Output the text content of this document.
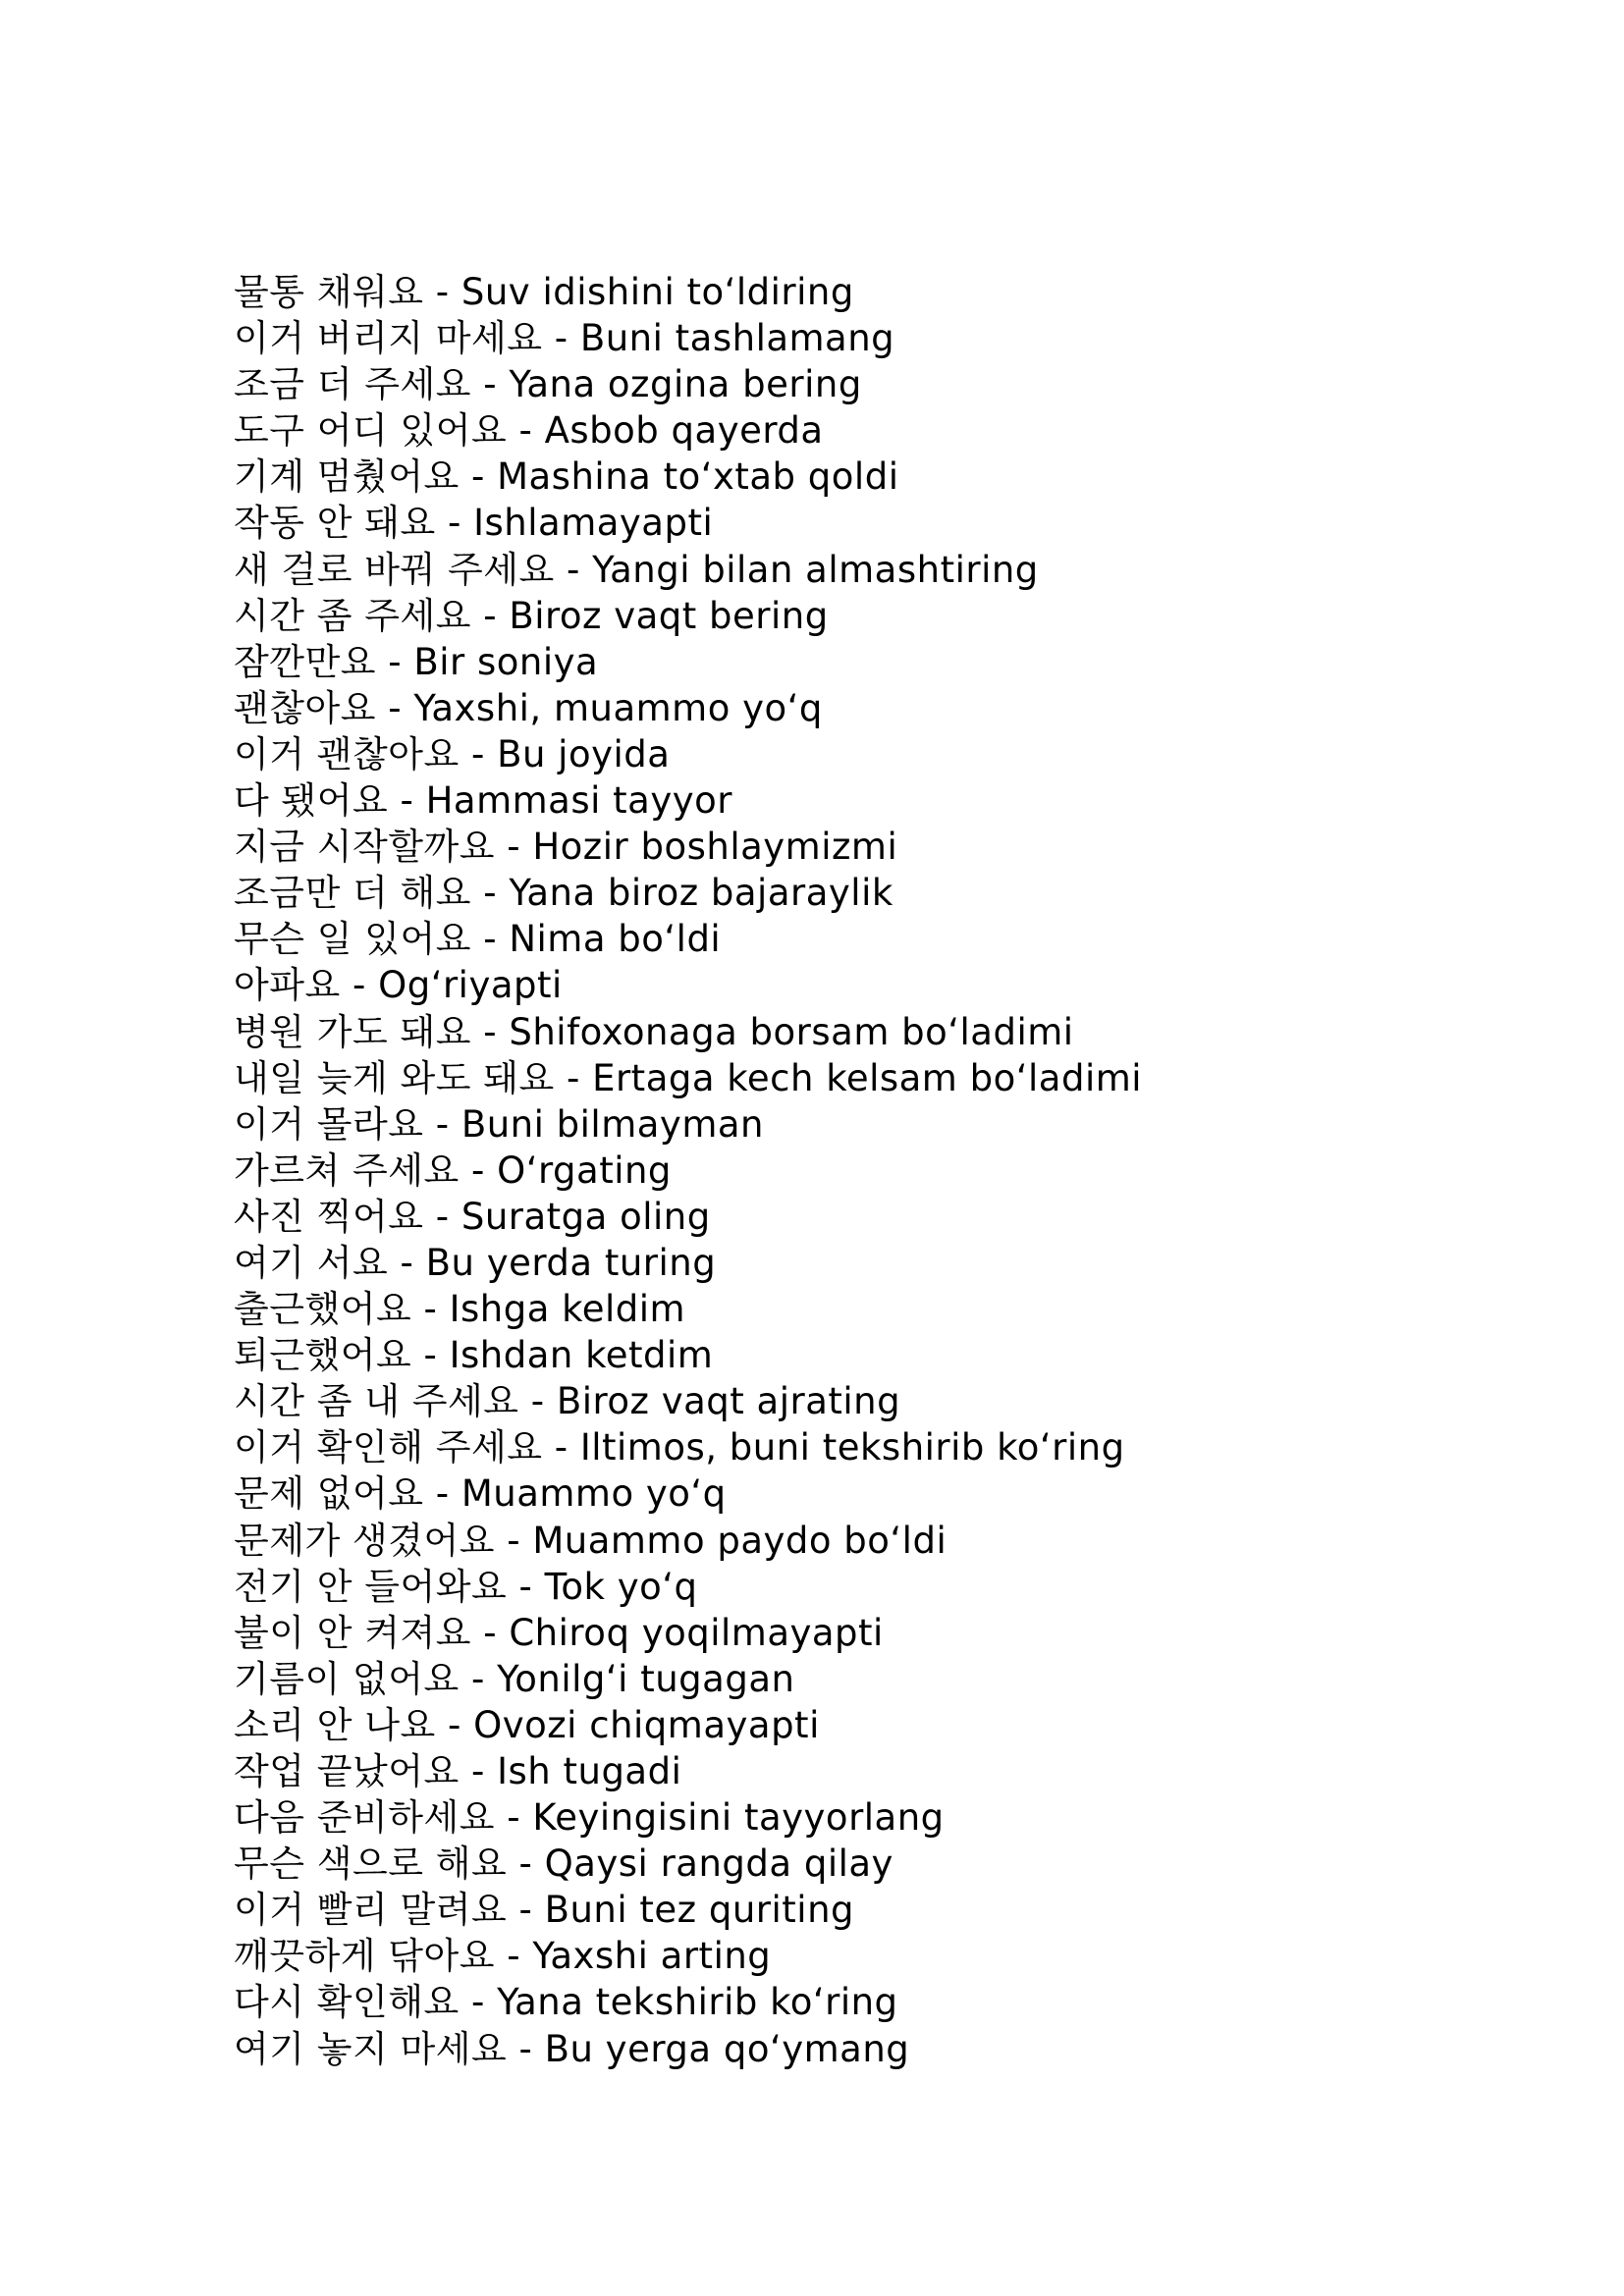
물통 채워요 - Suv idishini toʻldiring
이거 버리지 마세요 - Buni tashlamang
조금 더 주세요 - Yana ozgina bering
도구 어디 있어요 - Asbob qayerda
기계 멈췄어요 - Mashina toʻxtab qoldi
작동 안 돼요 - Ishlamayapti
새 걸로 바꿔 주세요 - Yangi bilan almashtiring
시간 좀 주세요 - Biroz vaqt bering
잠깐만요 - Bir soniya
괜찮아요 - Yaxshi, muammo yoʻq
이거 괜찮아요 - Bu joyida
다 됐어요 - Hammasi tayyor
지금 시작할까요 - Hozir boshlaymizmi
조금만 더 해요 - Yana biroz bajaraylik
무슨 일 있어요 - Nima boʻldi
아파요 - Ogʻriyapti
병원 가도 돼요 - Shifoxonaga borsam boʻladimi
내일 늦게 와도 돼요 - Ertaga kech kelsam boʻladimi
이거 몰라요 - Buni bilmayman
가르쳐 주세요 - Oʻrgating
사진 찍어요 - Suratga oling
여기 서요 - Bu yerda turing
출근했어요 - Ishga keldim
퇴근했어요 - Ishdan ketdim
시간 좀 내 주세요 - Biroz vaqt ajrating
이거 확인해 주세요 - Iltimos, buni tekshirib koʻring
문제 없어요 - Muammo yoʻq
문제가 생겼어요 - Muammo paydo boʻldi
전기 안 들어와요 - Tok yoʻq
불이 안 켜져요 - Chiroq yoqilmayapti
기름이 없어요 - Yonilgʻi tugagan
소리 안 나요 - Ovozi chiqmayapti
작업 끝났어요 - Ish tugadi
다음 준비하세요 - Keyingisini tayyorlang
무슨 색으로 해요 - Qaysi rangda qilay
이거 빨리 말려요 - Buni tez quriting
깨끗하게 닦아요 - Yaxshi arting
다시 확인해요 - Yana tekshirib koʻring
여기 놓지 마세요 - Bu yerga qoʻymang
